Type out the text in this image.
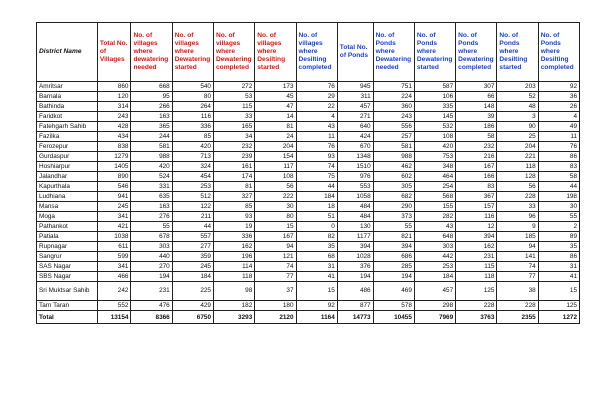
District Name	Total No. of Villages	No. of villages where dewatering needed	No. of villages where Dewatering started	No. of villages where Dewatering completed	No. of villages where Desilting started	No. of villages where Desilting completed	Total No. of Ponds	No. of Ponds where Dewatering needed	No. of Ponds where Dewatering started	No. of Ponds where Dewatering completed	No. of Ponds where Desilting started	No. of Ponds where Desilting completed
Amritsar	860	668	540	272	173	76	945	751	587	307	203	92
Barnala	120	95	80	53	45	29	311	224	106	66	52	36
Bathinda	314	266	264	115	47	22	457	360	335	148	48	26
Faridkot	243	163	116	33	14	4	271	243	145	39	3	4
Fatehgarh Sahib	428	365	336	165	81	43	640	556	532	186	90	49
Fazilka	434	244	85	34	24	11	424	257	108	58	25	11
Ferozepur	838	581	420	232	204	76	670	581	420	232	204	76
Gurdaspur	1279	988	713	239	154	93	1348	988	753	216	221	86
Hoshiarpur	1405	420	324	161	117	74	1510	462	348	167	118	83
Jalandhar	890	524	454	174	108	75	976	602	464	166	128	58
Kapurthala	546	331	253	81	56	44	553	305	254	83	56	44
Ludhiana	941	635	512	327	222	184	1058	682	568	367	228	198
Mansa	245	163	122	85	30	18	484	290	155	157	33	30
Moga	341	276	211	93	80	51	484	373	282	116	96	55
Pathankot	421	55	44	19	15	0	130	55	43	12	9	2
Patiala	1038	678	557	336	167	82	1177	821	648	394	185	89
Rupnagar	611	303	277	162	94	35	394	394	303	162	94	35
Sangrur	599	440	359	196	121	68	1028	686	442	231	141	86
SAS Nagar	341	270	245	114	74	31	376	285	253	115	74	31
SBS Nagar	466	194	184	118	77	41	194	194	184	118	77	41
Sri Muktsar Sahib	242	231	225	98	37	15	486	469	457	125	38	15
Tarn Taran	552	476	429	182	180	92	877	578	298	228	228	125
Total	13154	8366	6750	3293	2120	1164	14773	10455	7969	3763	2355	1272
